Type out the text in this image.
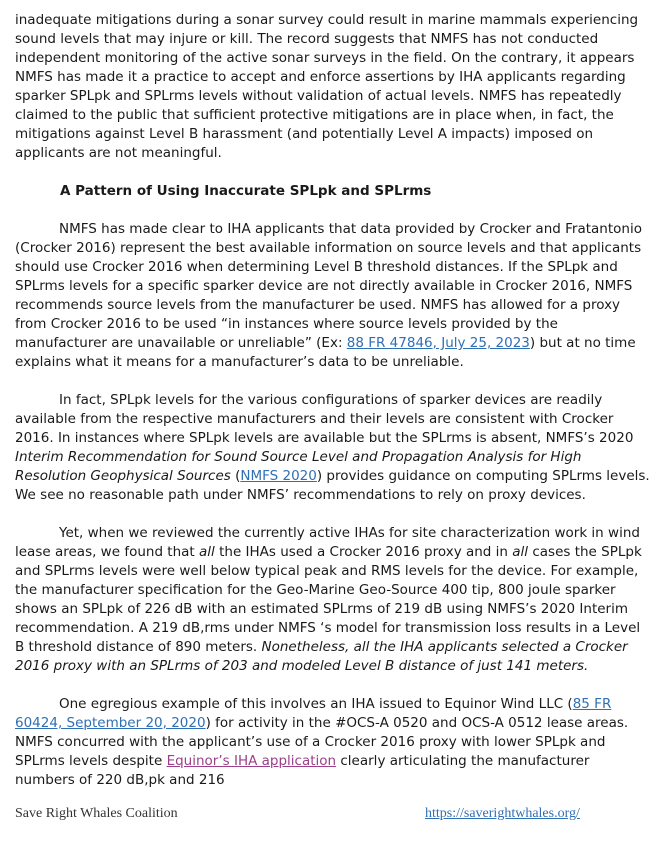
inadequate mitigations during a sonar survey could result in marine mammals experiencing sound levels that may injure or kill. The record suggests that NMFS has not conducted independent monitoring of the active sonar surveys in the field. On the contrary, it appears NMFS has made it a practice to accept and enforce assertions by IHA applicants regarding sparker SPLpk and SPLrms levels without validation of actual levels. NMFS has repeatedly claimed to the public that sufficient protective mitigations are in place when, in fact, the mitigations against Level B harassment (and potentially Level A impacts) imposed on applicants are not meaningful.

A Pattern of Using Inaccurate SPLpk and SPLrms

NMFS has made clear to IHA applicants that data provided by Crocker and Fratantonio (Crocker 2016) represent the best available information on source levels and that applicants should use Crocker 2016 when determining Level B threshold distances. If the SPLpk and SPLrms levels for a specific sparker device are not directly available in Crocker 2016, NMFS recommends source levels from the manufacturer be used. NMFS has allowed for a proxy from Crocker 2016 to be used “in instances where source levels provided by the manufacturer are unavailable or unreliable” (Ex: 88 FR 47846, July 25, 2023) but at no time explains what it means for a manufacturer’s data to be unreliable.

In fact, SPLpk levels for the various configurations of sparker devices are readily available from the respective manufacturers and their levels are consistent with Crocker 2016. In instances where SPLpk levels are available but the SPLrms is absent, NMFS’s 2020 Interim Recommendation for Sound Source Level and Propagation Analysis for High Resolution Geophysical Sources (NMFS 2020) provides guidance on computing SPLrms levels. We see no reasonable path under NMFS’ recommendations to rely on proxy devices.

Yet, when we reviewed the currently active IHAs for site characterization work in wind lease areas, we found that all the IHAs used a Crocker 2016 proxy and in all cases the SPLpk and SPLrms levels were well below typical peak and RMS levels for the device. For example, the manufacturer specification for the Geo-Marine Geo-Source 400 tip, 800 joule sparker shows an SPLpk of 226 dB with an estimated SPLrms of 219 dB using NMFS’s 2020 Interim recommendation. A 219 dB,rms under NMFS ‘s model for transmission loss results in a Level B threshold distance of 890 meters. Nonetheless, all the IHA applicants selected a Crocker 2016 proxy with an SPLrms of 203 and modeled Level B distance of just 141 meters.

One egregious example of this involves an IHA issued to Equinor Wind LLC (85 FR 60424, September 20, 2020) for activity in the #OCS-A 0520 and OCS-A 0512 lease areas. NMFS concurred with the applicant’s use of a Crocker 2016 proxy with lower SPLpk and SPLrms levels despite Equinor’s IHA application clearly articulating the manufacturer numbers of 220 dB,pk and 216

Save Right Whales Coalition	https://saverightwhales.org/
